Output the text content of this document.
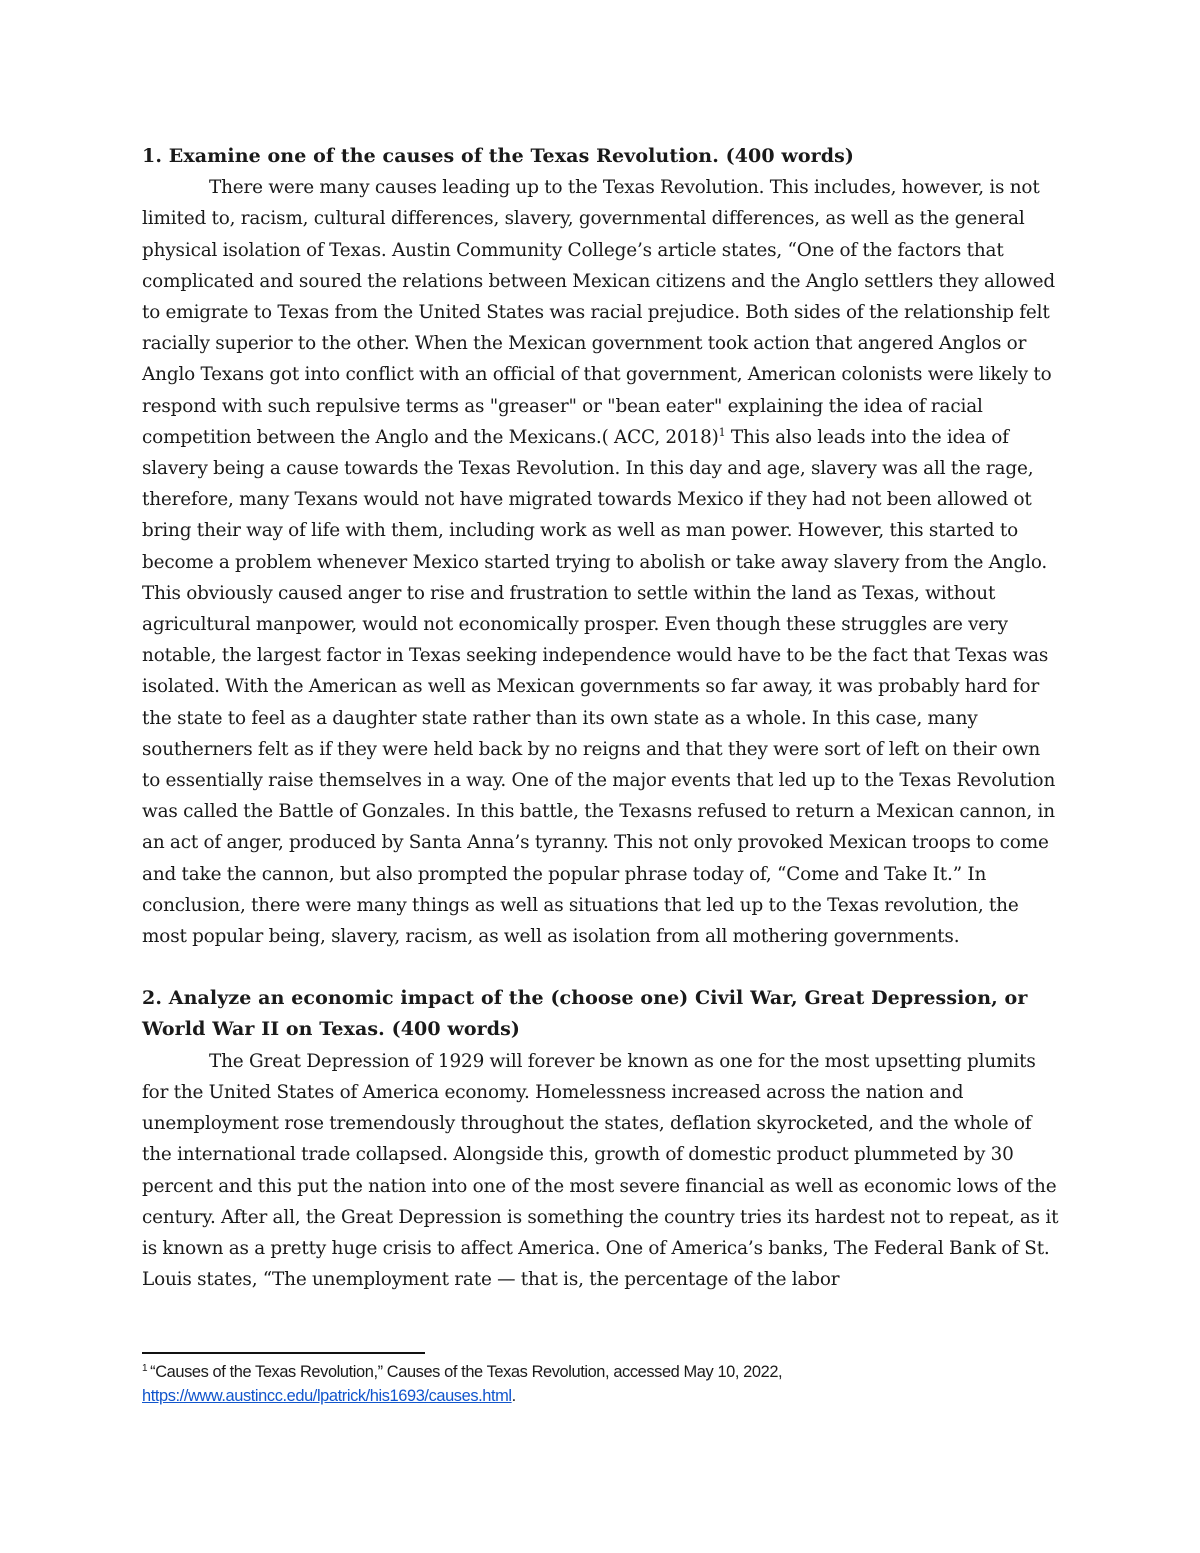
1. Examine one of the causes of the Texas Revolution. (400 words)

There were many causes leading up to the Texas Revolution. This includes, however, is not limited to, racism, cultural differences, slavery, governmental differences, as well as the general physical isolation of Texas. Austin Community College’s article states, “One of the factors that complicated and soured the relations between Mexican citizens and the Anglo settlers they allowed to emigrate to Texas from the United States was racial prejudice. Both sides of the relationship felt racially superior to the other. When the Mexican government took action that angered Anglos or Anglo Texans got into conflict with an official of that government, American colonists were likely to respond with such repulsive terms as "greaser" or "bean eater" explaining the idea of racial competition between the Anglo and the Mexicans.( ACC, 2018)$^1$ This also leads into the idea of slavery being a cause towards the Texas Revolution. In this day and age, slavery was all the rage, therefore, many Texans would not have migrated towards Mexico if they had not been allowed ot bring their way of life with them, including work as well as man power. However, this started to become a problem whenever Mexico started trying to abolish or take away slavery from the Anglo. This obviously caused anger to rise and frustration to settle within the land as Texas, without agricultural manpower, would not economically prosper. Even though these struggles are very notable, the largest factor in Texas seeking independence would have to be the fact that Texas was isolated. With the American as well as Mexican governments so far away, it was probably hard for the state to feel as a daughter state rather than its own state as a whole. In this case, many southerners felt as if they were held back by no reigns and that they were sort of left on their own to essentially raise themselves in a way. One of the major events that led up to the Texas Revolution was called the Battle of Gonzales. In this battle, the Texasns refused to return a Mexican cannon, in an act of anger, produced by Santa Anna’s tyranny. This not only provoked Mexican troops to come and take the cannon, but also prompted the popular phrase today of, “Come and Take It.” In conclusion, there were many things as well as situations that led up to the Texas revolution, the most popular being, slavery, racism, as well as isolation from all mothering governments.

2. Analyze an economic impact of the (choose one) Civil War, Great Depression, or World War II on Texas. (400 words)

The Great Depression of 1929 will forever be known as one for the most upsetting plumits for the United States of America economy. Homelessness increased across the nation and unemployment rose tremendously throughout the states, deflation skyrocketed, and the whole of the international trade collapsed. Alongside this, growth of domestic product plummeted by 30 percent and this put the nation into one of the most severe financial as well as economic lows of the century. After all, the Great Depression is something the country tries its hardest not to repeat, as it is known as a pretty huge crisis to affect America. One of America’s banks, The Federal Bank of St. Louis states, “The unemployment rate — that is, the percentage of the labor

$^1$ “Causes of the Texas Revolution,” Causes of the Texas Revolution, accessed May 10, 2022,
https://www.austincc.edu/lpatrick/his1693/causes.html.
